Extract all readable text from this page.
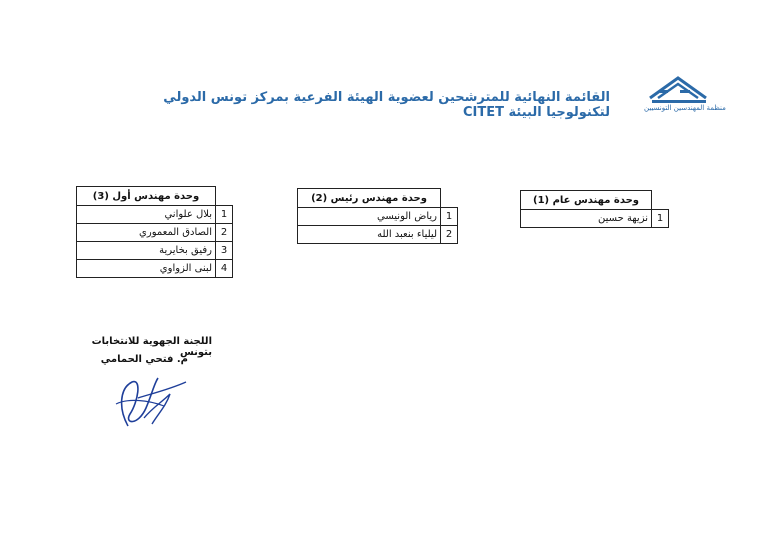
منظمة المهندسين التونسيين
القائمة النهائية للمترشحين لعضوية الهيئة الفرعية بمركز تونس الدولي لتكنولوجيا البيئة CITET
	وحدة مهندس عام (1)
1	نزيهة حسين
	وحدة مهندس رئيس (2)
1	رياض الونيسي
2	ليلياء بنعبد الله
	وحدة مهندس أول (3)
1	بلال علواني
2	الصادق المعموري
3	رفيق بخايرية
4	لبنى الزواوي
اللجنة الجهوية للانتخابات بتونس
م. فتحي الحمامي
